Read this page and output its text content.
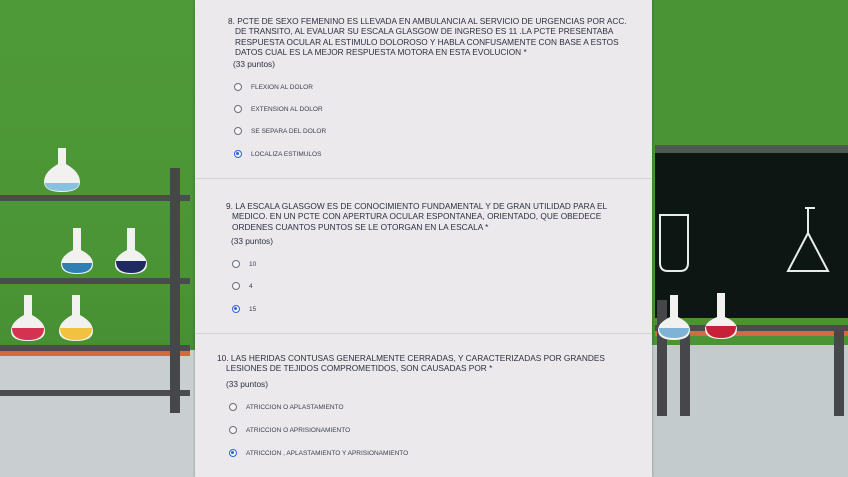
8. PCTE DE SEXO FEMENINO ES LLEVADA EN AMBULANCIA AL SERVICIO DE URGENCIAS POR ACC.
DE TRANSITO, AL EVALUAR SU ESCALA GLASGOW DE INGRESO ES 11 .LA PCTE PRESENTABA
RESPUESTA OCULAR AL ESTIMULO DOLOROSO Y HABLA CONFUSAMENTE CON BASE A ESTOS
DATOS CUAL ES LA MEJOR RESPUESTA MOTORA EN ESTA EVOLUCION *
(33 puntos)
FLEXION AL DOLOR
EXTENSION AL DOLOR
SE SEPARA DEL DOLOR
LOCALIZA ESTIMULOS
9. LA ESCALA GLASGOW ES DE CONOCIMIENTO FUNDAMENTAL Y DE GRAN UTILIDAD PARA EL
MEDICO. EN UN PCTE CON APERTURA OCULAR ESPONTANEA, ORIENTADO, QUE OBEDECE
ORDENES CUANTOS PUNTOS SE LE OTORGAN EN LA ESCALA *
(33 puntos)
10
4
15
10. LAS HERIDAS CONTUSAS GENERALMENTE CERRADAS, Y CARACTERIZADAS POR GRANDES
LESIONES DE TEJIDOS COMPROMETIDOS, SON CAUSADAS POR *
(33 puntos)
ATRICCION O APLASTAMIENTO
ATRICCION O APRISIONAMIENTO
ATRICCION , APLASTAMIENTO Y APRISIONAMIENTO
